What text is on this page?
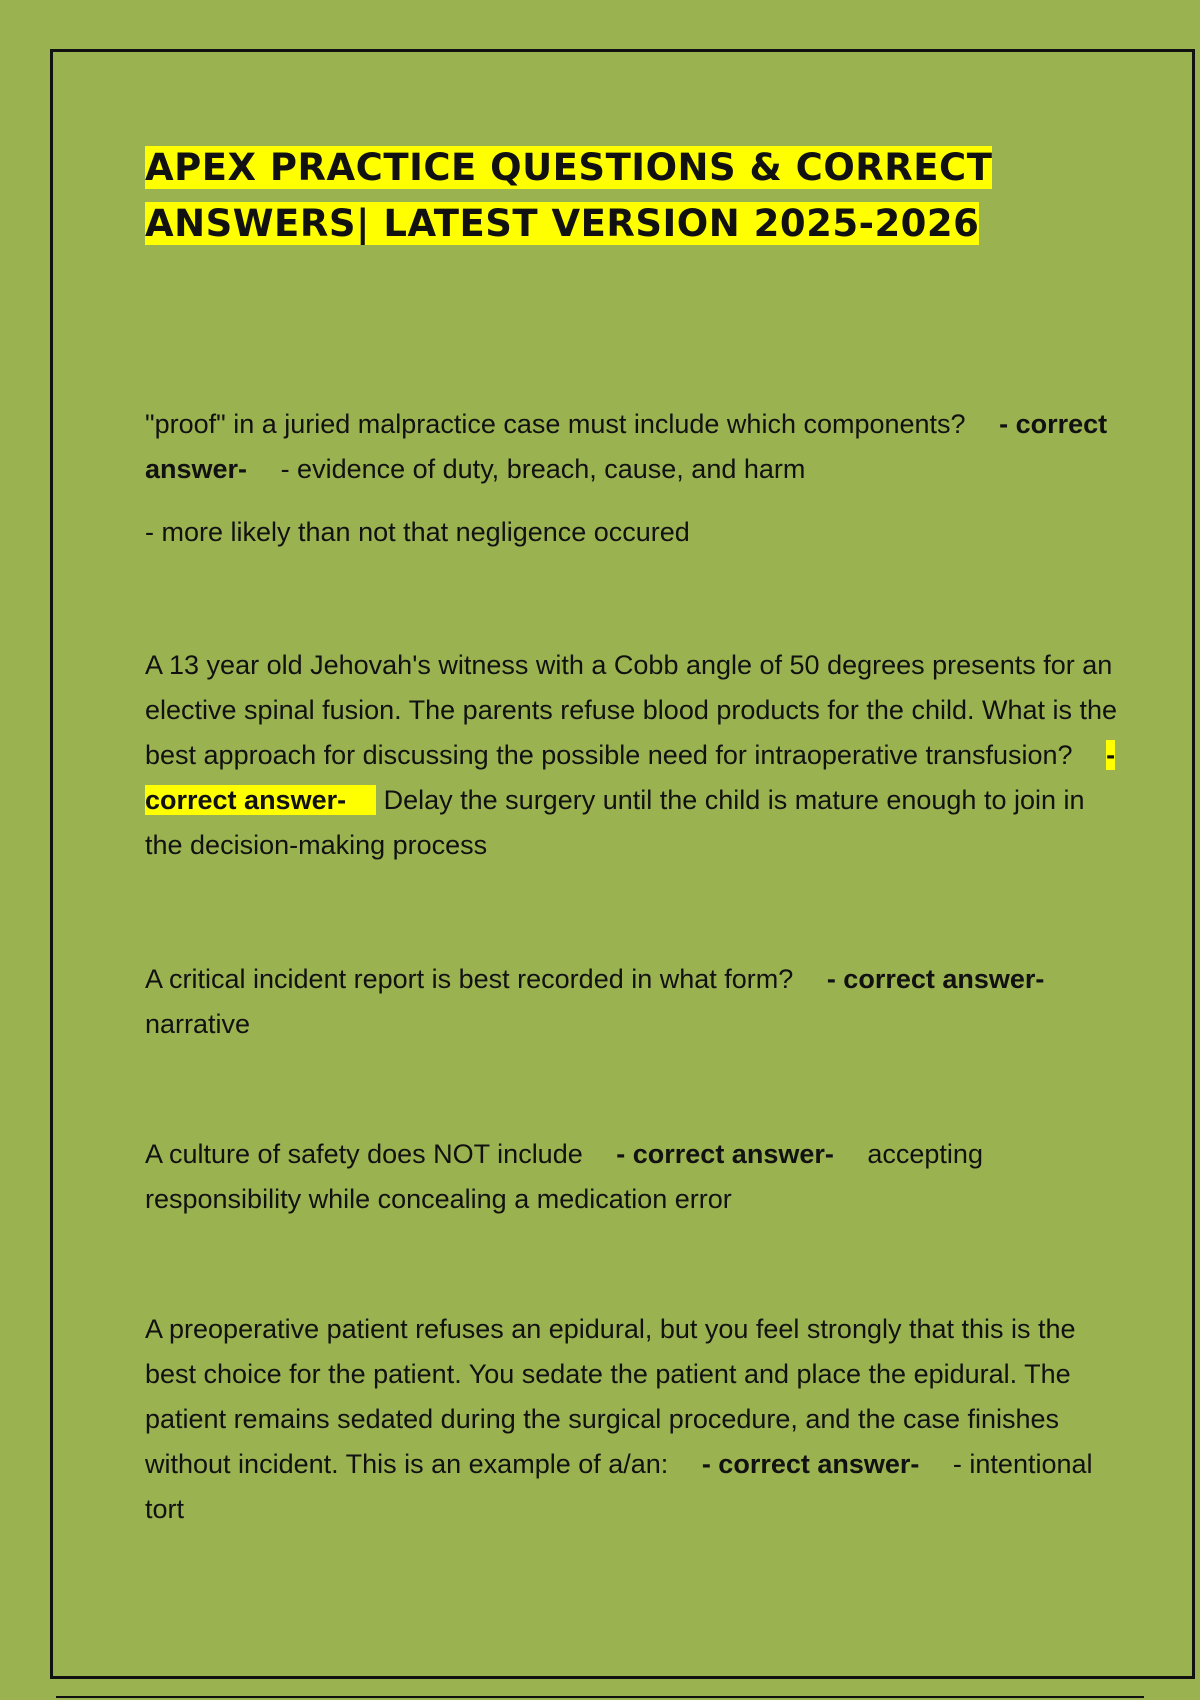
APEX PRACTICE QUESTIONS & CORRECT
ANSWERS| LATEST VERSION 2025-2026

"proof" in a juried malpractice case must include which components? - correct answer- - evidence of duty, breach, cause, and harm

- more likely than not that negligence occured

A 13 year old Jehovah's witness with a Cobb angle of 50 degrees presents for an elective spinal fusion. The parents refuse blood products for the child. What is the best approach for discussing the possible need for intraoperative transfusion? - correct answer- Delay the surgery until the child is mature enough to join in the decision-making process

A critical incident report is best recorded in what form? - correct answer- narrative

A culture of safety does NOT include - correct answer- accepting responsibility while concealing a medication error

A preoperative patient refuses an epidural, but you feel strongly that this is the best choice for the patient. You sedate the patient and place the epidural. The patient remains sedated during the surgical procedure, and the case finishes without incident. This is an example of a/an: - correct answer- - intentional tort
